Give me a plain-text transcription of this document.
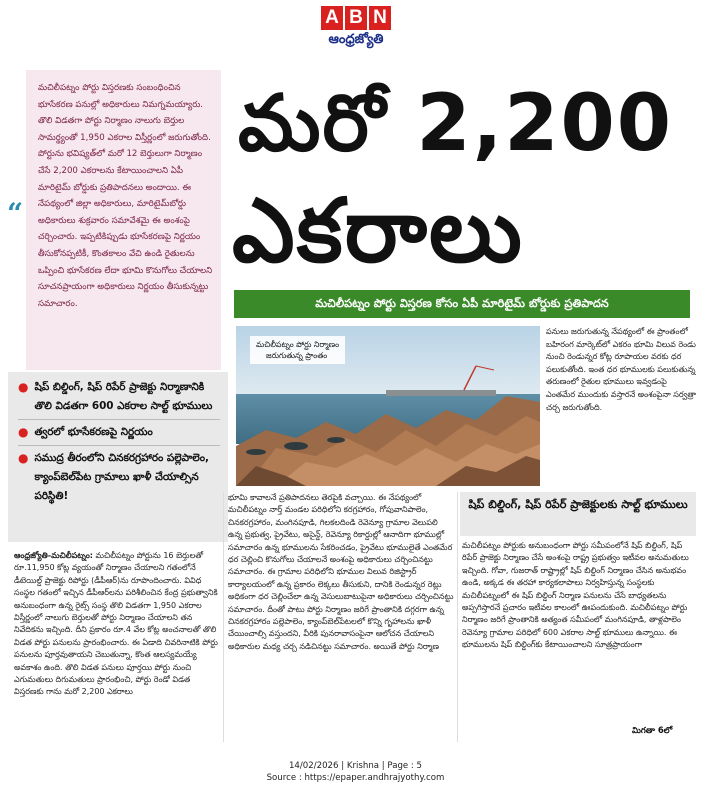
A B N
ఆంధ్రజ్యోతి
మచిలీపట్నం పోర్టు విస్తరణకు సంబంధించిన భూసేకరణ పనుల్లో అధికారులు నిమగ్నమయ్యారు. తొలి విడతగా పోర్టు నిర్మాణం నాలుగు బెర్తుల సామర్థ్యంతో 1,950 ఎకరాల విస్తీర్ణంలో జరుగుతోంది. పోర్టును భవిష్యత్‌లో మరో 12 బెర్తులుగా నిర్మాణం చేసే 2,200 ఎకరాలను కేటాయించాలని ఏపీ మారిటైమ్‌ బోర్డుకు ప్రతిపాదనలు అందాయి. ఈ నేపథ్యంలో జిల్లా అధికారులు, మారిటైమ్‌బోర్డు అధికారులు శుక్రవారం సమావేశమై ఈ అంశంపై చర్చించారు. ఇప్పటికిప్పుడు భూసేకరణపై నిర్ణయం తీసుకోనప్పటికీ, కొంతకాలం వేచి ఉండి రైతులను ఒప్పించి భూసేకరణ లేదా భూమి కొనుగోలు చేయాలని సూచనప్రాయంగా అధికారులు నిర్ణయం తీసుకున్నట్టు సమాచారం.
“
మరో 2,200
ఎకరాలు
మచిలీపట్నం పోర్టు విస్తరణ కోసం ఏపీ మారిటైమ్‌ బోర్డుకు ప్రతిపాదన
మచిలీపట్నం పోర్టు నిర్మాణం
జరుగుతున్న ప్రాంతం
పనులు జరుగుతున్న నేపథ్యంలో ఈ ప్రాంతంలో బహిరంగ మార్కెట్‌లో ఎకరం భూమి విలువ రెండు నుంచి రెండున్నర కోట్ల రూపాయల వరకు ధర పలుకుతోంది. ఇంత ధర భూములకు పలుకుతున్న తరుణంలో రైతుల భూములు ఇవ్వడంపై ఎంతమేర ముందుకు వస్తారనే అంశంపైనా సర్వత్రా చర్చ జరుగుతోంది.
● షిప్‌ బిల్డింగ్‌, షిప్‌ రిపేర్‌ ప్రాజెక్టు నిర్మాణానికి తొలి విడతగా 600 ఎకరాల సాల్ట్‌ భూములు
● త్వరలో భూసేకరణపై నిర్ణయం
● సముద్ర తీరంలోని చినకరగ్రహారం పల్లెపాలెం, క్యాంప్‌బెల్‌పేట గ్రామాలు ఖాళీ చేయాల్సిన పరిస్థితి!
ఆంధ్రజ్యోతి-మచిలీపట్నం: మచిలీపట్నం పోర్టును 16 బెర్తులతో రూ.11,950 కోట్ల వ్యయంతో నిర్మాణం చేయాలని గతంలోనే డీటెయిల్డ్‌ ప్రాజెక్టు రిపోర్టు (డీపీఆర్‌)ను రూపొందించారు. వివిధ సంస్థల గతంలో ఇచ్చిన డీపీఆర్‌లను పరిశీలించిన కేంద్ర ప్రభుత్వానికి అనుబంధంగా ఉన్న రైట్స్‌ సంస్థ తొలి విడతగా 1,950 ఎకరాల విస్తీర్ణంలో నాలుగు బెర్తులతో పోర్టు నిర్మాణం చేయాలని తన నివేదికను ఇచ్చింది. దీని ప్రకారం రూ.4 వేల కోట్ల అంచనాలతో తొలి విడత పోర్టు పనులను ప్రారంభించారు. ఈ ఏడాది చివరినాటికి పోర్టు పనులను పూర్తవుతాయని చెబుతున్నా, కొంత ఆలస్యమయ్యే అవకాశం ఉంది. తొలి విడత పనులు పూర్తయి పోర్టు నుంచి ఎగుమతులు దిగుమతులు ప్రారంభించి, పోర్టు రెండో విడత విస్తరణకు గాను మరో 2,200 ఎకరాలు
భూమి కావాలనే ప్రతిపాదనలు తెరపైకి వచ్చాయి. ఈ నేపథ్యంలో మచిలీపట్నం నార్త్‌ మండల పరిధిలోని కరగ్రహారం, గోపువానిపాలెం, చినకరగ్రహారం, మంగినపూడి, గిలకలదిండి రెవెన్యూ గ్రామాల వెలుపలి ఉన్న ప్రభుత్వ, ప్రైవేటు, అసైన్డ్‌, రెవెన్యూ రికార్డుల్లో ఆనాదిగా భూముల్లో సమాచారం ఉన్న భూములను సేకరించడం, ప్రైవేటు భూములైతే ఎంతమేర ధర చెల్లించి కొనుగోలు చేయాలనే అంశంపై అధికారులు చర్చించినట్టు సమాచారం. ఈ గ్రామాల పరిధిలోని భూముల విలువ రిజిస్ట్రార్‌ కార్యాలయంలో ఉన్న ప్రకారం లెక్కలు తీసుకుని, దానికి రెండున్నర రెట్లు అధికంగా ధర చెల్లించేలా ఉన్న వెసులుబాటుపైనా అధికారులు చర్చించినట్టు సమాచారం. దీంతో పాటు పోర్టు నిర్మాణం జరిగే ప్రాంతానికి దగ్గరగా ఉన్న చినకరగ్రహారం పల్లెపాలెం, క్యాంప్‌బెల్‌పేటలలో కొన్ని గృహాలను ఖాళీ చేయించాల్సి వస్తుందని, వీరికి పునరావాసంపైనా ఆలోచన చేయాలని అధికారుల మధ్య చర్చ నడిచినట్టు సమాచారం. అయితే పోర్టు నిర్మాణ
షిప్‌ బిల్డింగ్‌, షిప్‌ రిపేర్‌ ప్రాజెక్టులకు సాల్ట్‌ భూములు
మచిలీపట్నం పోర్టుకు అనుబంధంగా పోర్టు సమీపంలోనే షిప్‌ బిల్డింగ్‌, షిప్‌ రిపేర్‌ ప్రాజెక్టు నిర్మాణం చేసే అంశంపై రాష్ట్ర ప్రభుత్వం ఇటీవల అనుమతులు ఇచ్చింది. గోవా, గుజరాత్‌ రాష్ట్రాల్లో షిప్‌ బిల్డింగ్‌ నిర్మాణం చేసిన అనుభవం ఉండి, అక్కడ ఈ తరహా కార్యకలాపాలు నిర్వహిస్తున్న సంస్థలకు మచిలీపట్నంలో ఈ షిప్‌ బిల్డింగ్‌ నిర్మాణ పనులను చేసే బాధ్యతలను అప్పగిస్తారనే ప్రచారం ఇటీవల కాలంలో ఊపందుకుంది. మచిలీపట్నం పోర్టు నిర్మాణం జరిగే ప్రాంతానికి అత్యంత సమీపంలో మంగినపూడి, తాళ్లపాలెం రెవెన్యూ గ్రామాల పరిధిలో 600 ఎకరాల సాల్ట్‌ భూములు ఉన్నాయి. ఈ భూములను షిప్‌ బిల్డింగ్‌కు కేటాయించాలని సూత్రప్రాయంగా
మిగతా 6లో
14/02/2026 | Krishna | Page : 5
Source : https://epaper.andhrajyothy.com
